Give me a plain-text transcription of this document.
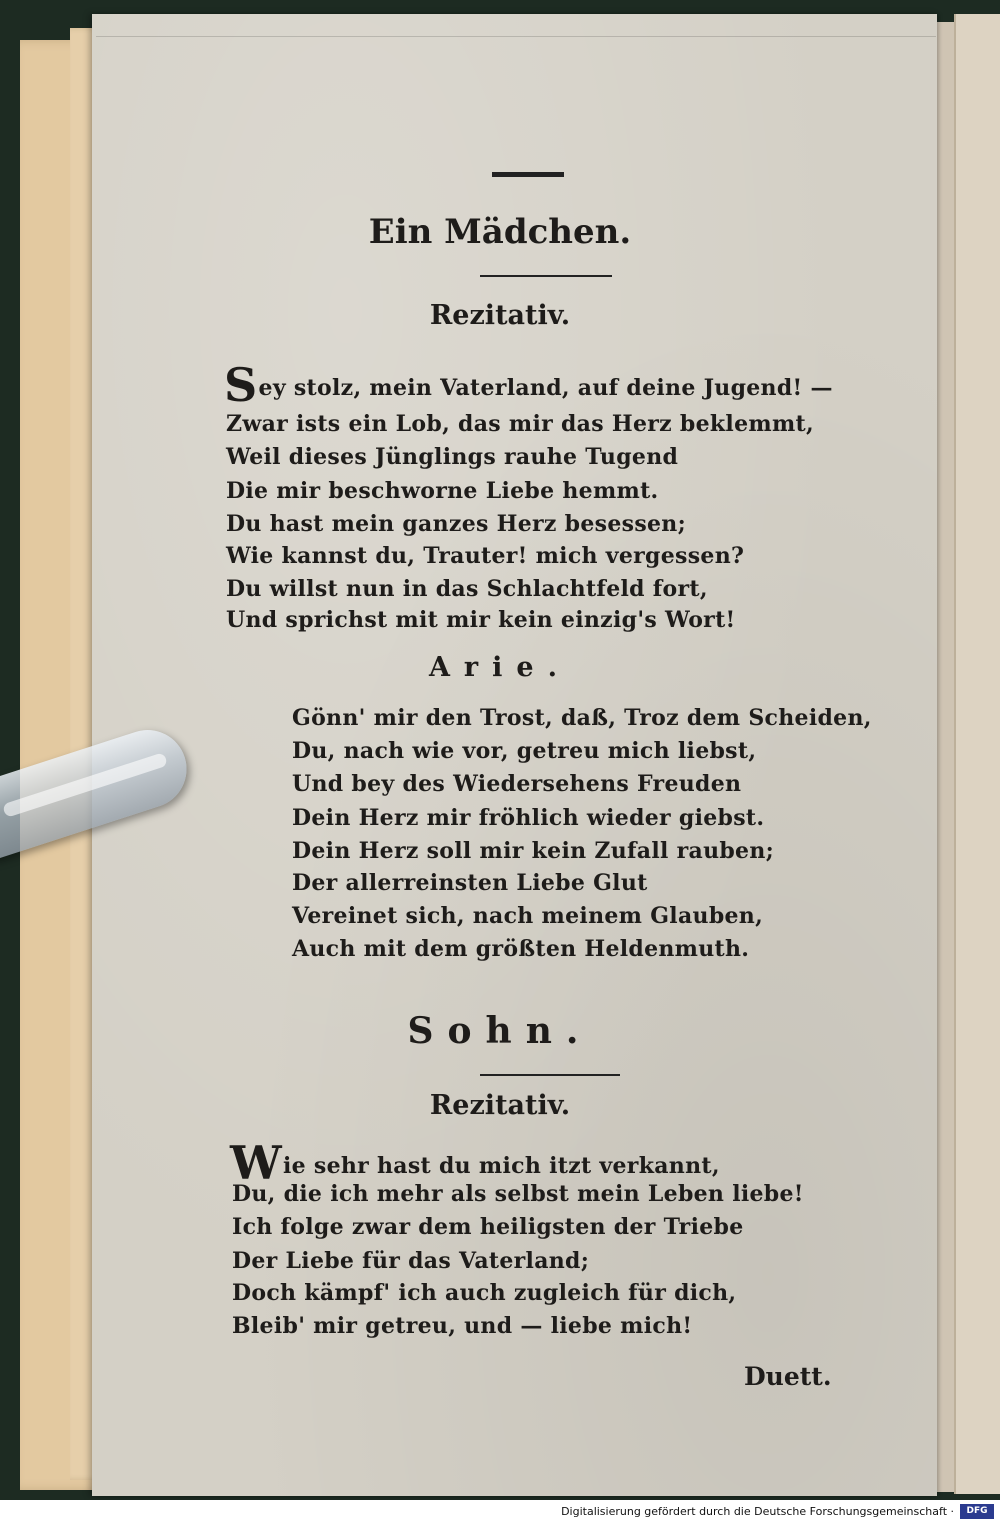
Ein Mädchen.
Rezitativ.
Sey stolz, mein Vaterland, auf deine Jugend! —
Zwar ists ein Lob, das mir das Herz beklemmt,
Weil dieses Jünglings rauhe Tugend
Die mir beschworne Liebe hemmt.
Du hast mein ganzes Herz besessen;
Wie kannst du, Trauter! mich vergessen?
Du willst nun in das Schlachtfeld fort,
Und sprichst mit mir kein einzig's Wort!
Arie.
Gönn' mir den Trost, daß, Troz dem Scheiden,
Du, nach wie vor, getreu mich liebst,
Und bey des Wiedersehens Freuden
Dein Herz mir fröhlich wieder giebst.
Dein Herz soll mir kein Zufall rauben;
Der allerreinsten Liebe Glut
Vereinet sich, nach meinem Glauben,
Auch mit dem größten Heldenmuth.
Sohn.
Rezitativ.
Wie sehr hast du mich itzt verkannt,
Du, die ich mehr als selbst mein Leben liebe!
Ich folge zwar dem heiligsten der Triebe
Der Liebe für das Vaterland;
Doch kämpf' ich auch zugleich für dich,
Bleib' mir getreu, und — liebe mich!
Duett.
Digitalisierung gefördert durch die Deutsche Forschungsgemeinschaft ·	DFG
